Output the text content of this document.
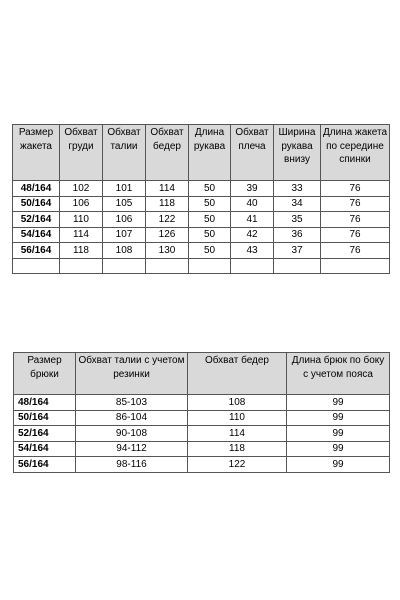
Размер жакета	Обхват груди	Обхват талии	Обхват бедер	Длина рукава	Обхват плеча	Ширина рукава внизу	Длина жакета по середине спинки
48/164	102	101	114	50	39	33	76
50/164	106	105	118	50	40	34	76
52/164	110	106	122	50	41	35	76
54/164	114	107	126	50	42	36	76
56/164	118	108	130	50	43	37	76

Размер брюки	Обхват талии с учетом резинки	Обхват бедер	Длина брюк по боку с учетом пояса
48/164	85-103	108	99
50/164	86-104	110	99
52/164	90-108	114	99
54/164	94-112	118	99
56/164	98-116	122	99
